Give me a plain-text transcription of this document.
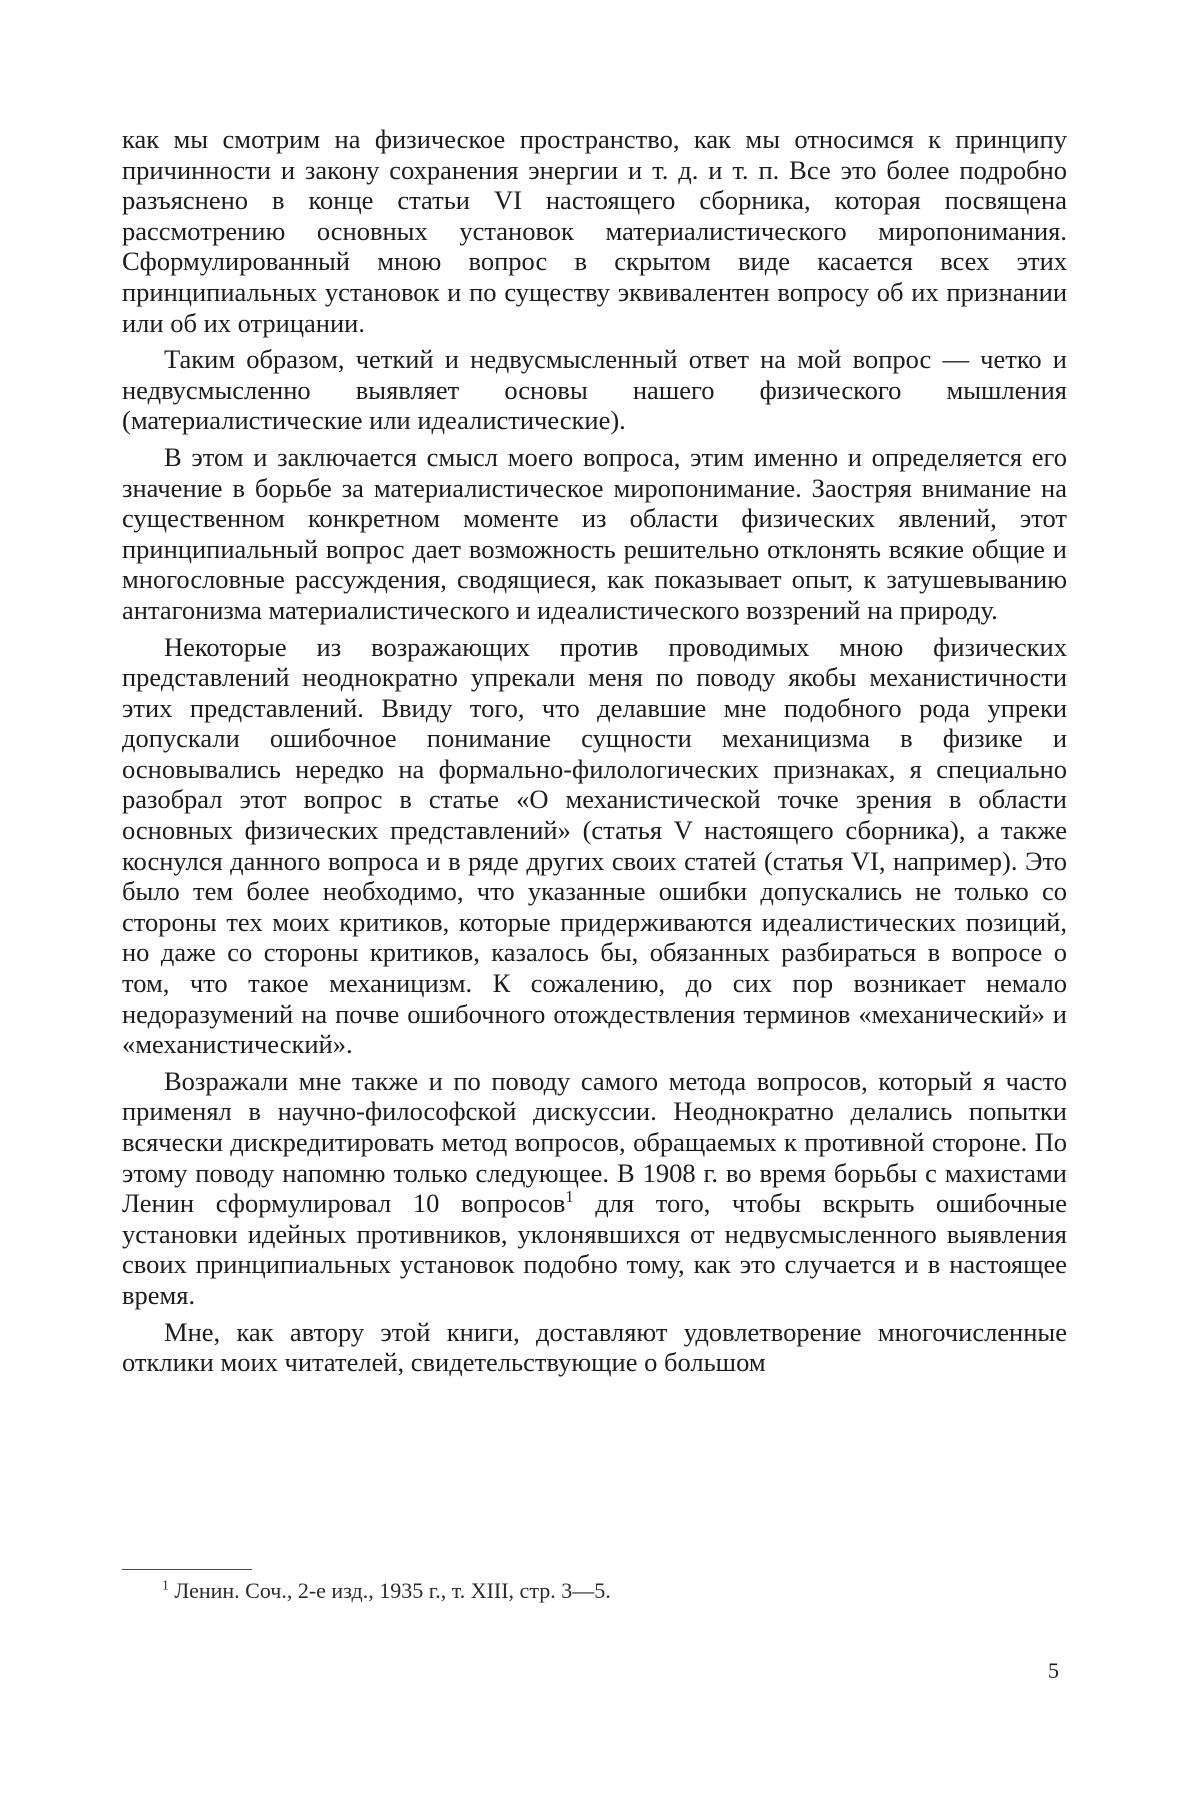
как мы смотрим на физическое пространство, как мы относимся к принципу причинности и закону сохранения энергии и т. д. и т. п. Все это более подробно разъяснено в конце статьи VI настоящего сборника, которая посвящена рассмотрению основных установок материалистического миропонимания. Сформулированный мною вопрос в скрытом виде касается всех этих принципиальных установок и по существу эквивалентен вопросу об их признании или об их отрицании.

Таким образом, четкий и недвусмысленный ответ на мой вопрос — четко и недвусмысленно выявляет основы нашего физического мышления (материалистические или идеалистические).

В этом и заключается смысл моего вопроса, этим именно и определяется его значение в борьбе за материалистическое миропонимание. Заостряя внимание на существенном конкретном моменте из области физических явлений, этот принципиальный вопрос дает возможность решительно отклонять всякие общие и многословные рассуждения, сводящиеся, как показывает опыт, к затушевыванию антагонизма материалистического и идеалистического воззрений на природу.

Некоторые из возражающих против проводимых мною физических представлений неоднократно упрекали меня по поводу якобы механистичности этих представлений. Ввиду того, что делавшие мне подобного рода упреки допускали ошибочное понимание сущности механицизма в физике и основывались нередко на формально-филологических признаках, я специально разобрал этот вопрос в статье «О механистической точке зрения в области основных физических представлений» (статья V настоящего сборника), а также коснулся данного вопроса и в ряде других своих статей (статья VI, например). Это было тем более необходимо, что указанные ошибки допускались не только со стороны тех моих критиков, которые придерживаются идеалистических позиций, но даже со стороны критиков, казалось бы, обязанных разбираться в вопросе о том, что такое механицизм. К сожалению, до сих пор возникает немало недоразумений на почве ошибочного отождествления терминов «механический» и «механистический».

Возражали мне также и по поводу самого метода вопросов, который я часто применял в научно-философской дискуссии. Неоднократно делались попытки всячески дискредитировать метод вопросов, обращаемых к противной стороне. По этому поводу напомню только следующее. В 1908 г. во время борьбы с махистами Ленин сформулировал 10 вопросов$^1$ для того, чтобы вскрыть ошибочные установки идейных противников, уклонявшихся от недвусмысленного выявления своих принципиальных установок подобно тому, как это случается и в настоящее время.

Мне, как автору этой книги, доставляют удовлетворение многочисленные отклики моих читателей, свидетельствующие о большом

$^1$ Ленин. Соч., 2-е изд., 1935 г., т. XIII, стр. 3—5.
5
